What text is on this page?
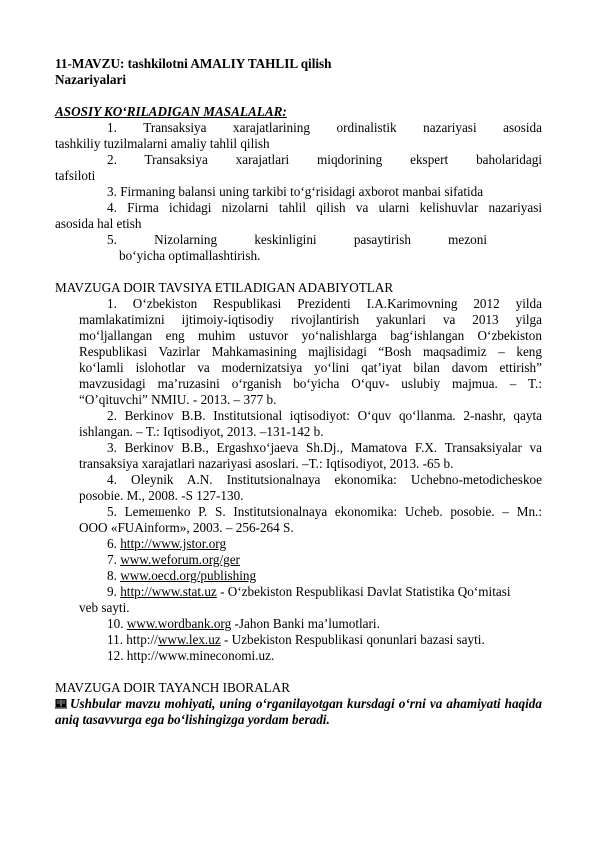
11-MAVZU: tashkilotni AMALIY TAHLIL qilish
Nazariyalari
ASOSIY KO‘RILADIGAN MASALALAR:
1. Transaksiya xarajatlarining ordinalistik nazariyasi asosida
tashkiliy tuzilmalarni amaliy tahlil qilish
2. Transaksiya xarajatlari miqdorining ekspert baholaridagi
tafsiloti
3. Firmaning balansi uning tarkibi to‘g‘risidagi axborot manbai sifatida
4. Firma ichidagi nizolarni tahlil qilish va ularni kelishuvlar nazariyasi
asosida hal etish
5. Nizolarning keskinligini pasaytirish mezoni
bo‘yicha optimallashtirish.
MAVZUGA DOIR TAVSIYA ETILADIGAN ADABIYOTLAR
1. O‘zbekiston Respublikasi Prezidenti I.A.Karimovning 2012 yilda
mamlakatimizni ijtimoiy-iqtisodiy rivojlantirish yakunlari va 2013 yilga
mo‘ljallangan eng muhim ustuvor yo‘nalishlarga bag‘ishlangan O‘zbekiston
Respublikasi Vazirlar Mahkamasining majlisidagi “Bosh maqsadimiz – keng
ko‘lamli islohotlar va modernizatsiya yo‘lini qat’iyat bilan davom ettirish”
mavzusidagi ma’ruzasini o‘rganish bo‘yicha O‘quv- uslubiy majmua. – T.:
“O’qituvchi” NMIU. - 2013. – 377 b.
2. Berkinov B.B. Institutsional iqtisodiyot: O‘quv qo‘llanma. 2-nashr, qayta
ishlangan. – T.: Iqtisodiyot, 2013. –131-142 b.
3. Berkinov B.B., Ergashxo‘jaeva Sh.Dj., Mamatova F.X. Transaksiyalar va
transaksiya xarajatlari nazariyasi asoslari. –T.: Iqtisodiyot, 2013. -65 b.
4. Oleynik A.N. Institutsionalnaya ekonomika: Uchebno-metodicheskoe
posobie. M., 2008. -S 127-130.
5. Lemeшenko P. S. Institutsionalnaya ekonomika: Ucheb. posobie. – Mn.:
OOO «FUAinform», 2003. – 256-264 S.
6. http://www.jstor.org
7. www.weforum.org/ger
8. www.oecd.org/publishing
9. http://www.stat.uz - O‘zbekiston Respublikasi Davlat Statistika Qo‘mitasi
veb sayti.
10. www.wordbank.org -Jahon Banki ma’lumotlari.
11. http://www.lex.uz - Uzbekiston Respublikasi qonunlari bazasi sayti.
12. http://www.mineconomi.uz.
MAVZUGA DOIR TAYANCH IBORALAR
Ushbular mavzu mohiyati, uning o‘rganilayotgan kursdagi o‘rni va ahamiyati haqida
aniq tasavvurga ega bo‘lishingizga yordam beradi.
